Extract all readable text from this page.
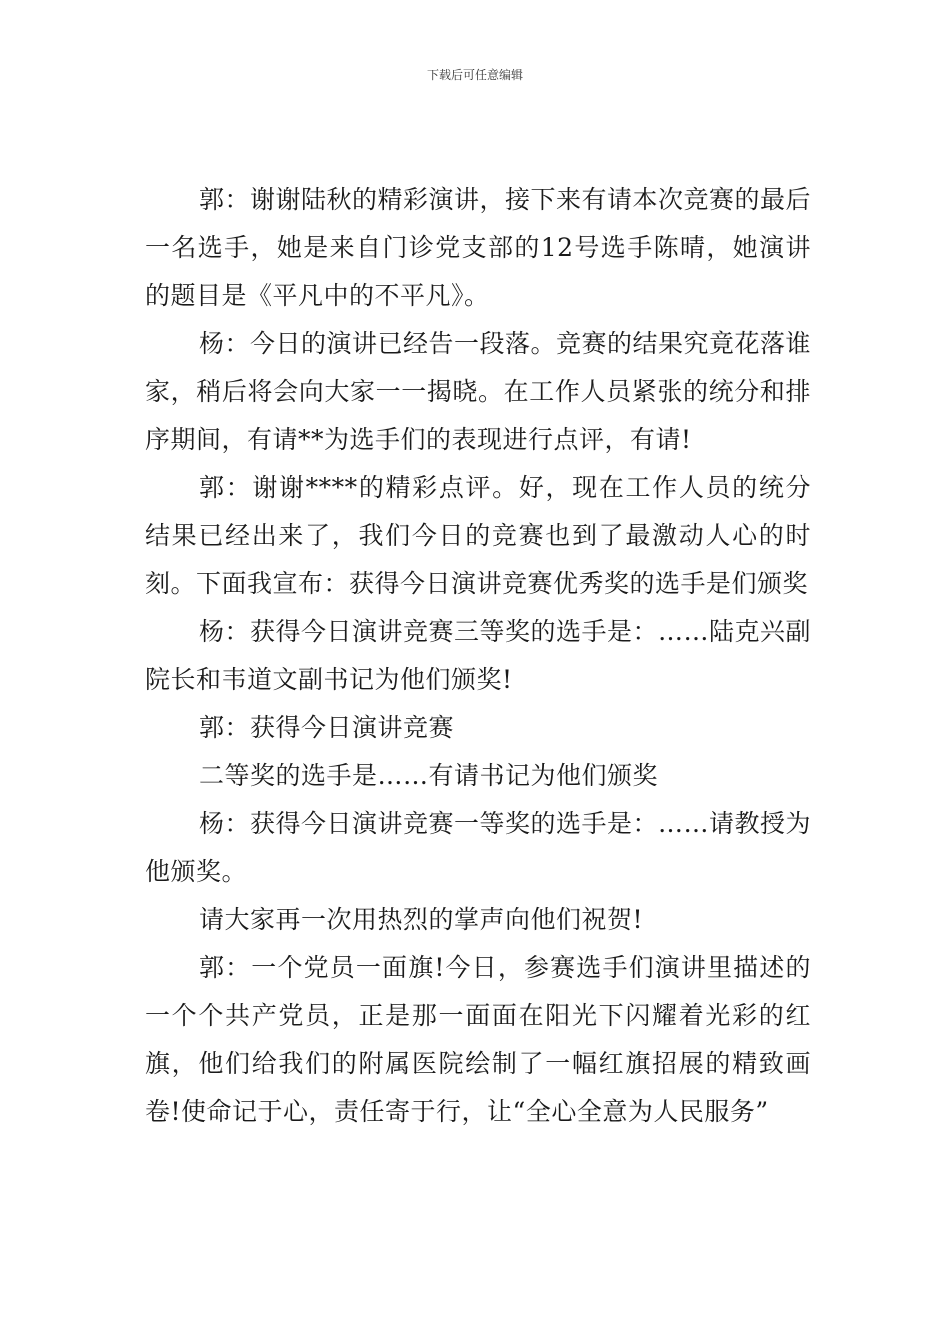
下载后可任意编辑

郭：谢谢陆秋的精彩演讲，接下来有请本次竞赛的最后一名选手，她是来自门诊党支部的12号选手陈晴，她演讲的题目是《平凡中的不平凡》。

杨：今日的演讲已经告一段落。竞赛的结果究竟花落谁家，稍后将会向大家一一揭晓。在工作人员紧张的统分和排序期间，有请**为选手们的表现进行点评，有请!

郭：谢谢****的精彩点评。好，现在工作人员的统分结果已经出来了，我们今日的竞赛也到了最激动人心的时刻。下面我宣布：获得今日演讲竞赛优秀奖的选手是们颁奖

杨：获得今日演讲竞赛三等奖的选手是：……陆克兴副院长和韦道文副书记为他们颁奖!

郭：获得今日演讲竞赛

二等奖的选手是……有请书记为他们颁奖

杨：获得今日演讲竞赛一等奖的选手是：……请教授为他颁奖。

请大家再一次用热烈的掌声向他们祝贺!

郭：一个党员一面旗!今日，参赛选手们演讲里描述的一个个共产党员，正是那一面面在阳光下闪耀着光彩的红旗，他们给我们的附属医院绘制了一幅红旗招展的精致画卷!使命记于心，责任寄于行，让“全心全意为人民服务”
